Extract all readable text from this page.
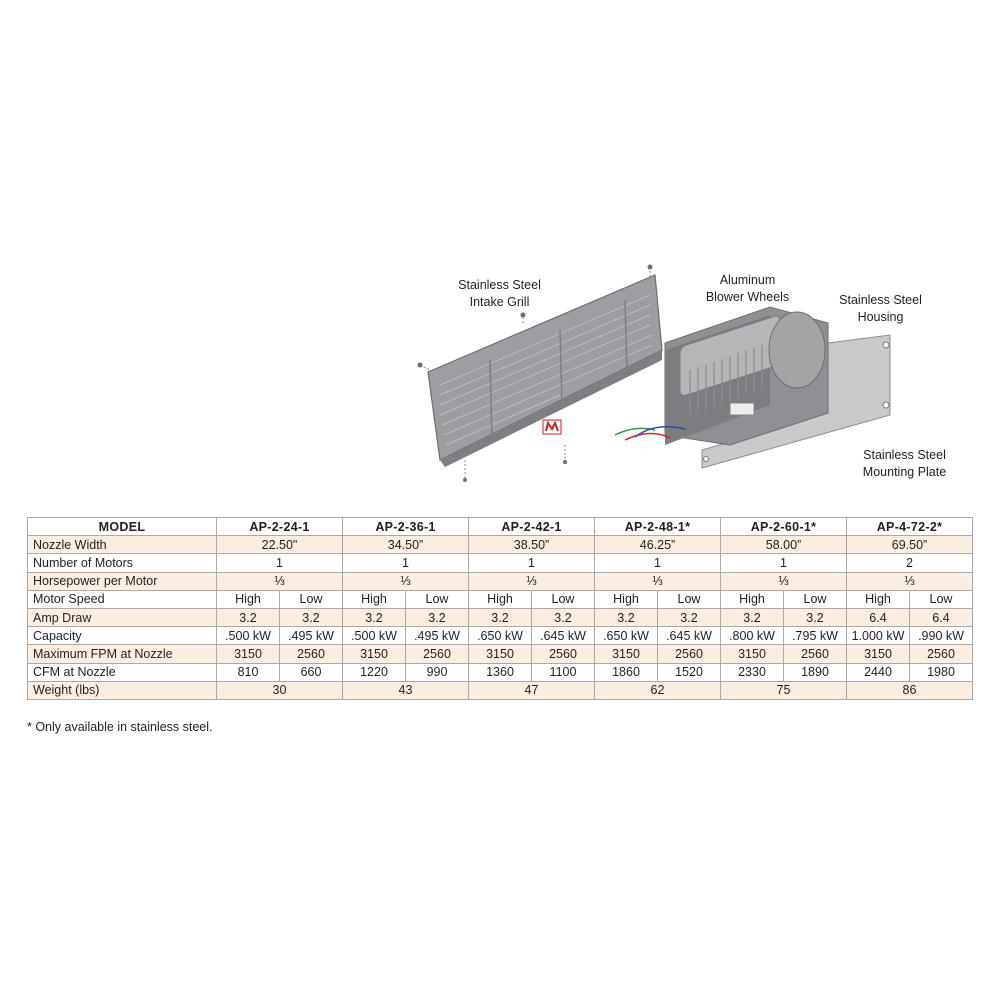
Stainless Steel
Intake Grill
Aluminum
Blower Wheels	Stainless Steel
Housing
Stainless Steel
Mounting Plate
MODEL	AP-2-24-1		AP-2-36-1		AP-2-42-1		AP-2-48-1*		AP-2-60-1*		AP-4-72-2*	
Nozzle Width	22.50"		34.50”		38.50”		46.25”		58.00”		69.50”	
Number of Motors	1		1		1		1		1		2	
Horsepower per Motor	⅓		⅓		⅓		⅓		⅓		⅓	
Motor Speed	High	Low	High	Low	High	Low	High	Low	High	Low	High	Low
Amp Draw	3.2	3.2	3.2	3.2	3.2	3.2	3.2	3.2	3.2	3.2	6.4	6.4
Capacity	.500 kW	.495 kW	.500 kW	.495 kW	.650 kW	.645 kW	.650 kW	.645 kW	.800 kW	.795 kW	1.000 kW	.990 kW
Maximum FPM at Nozzle	3150	2560	3150	2560	3150	2560	3150	2560	3150	2560	3150	2560
CFM at Nozzle	810	660	1220	990	1360	1100	1860	1520	2330	1890	2440	1980
Weight (lbs)	30		43		47		62		75		86	
* Only available in stainless steel.
